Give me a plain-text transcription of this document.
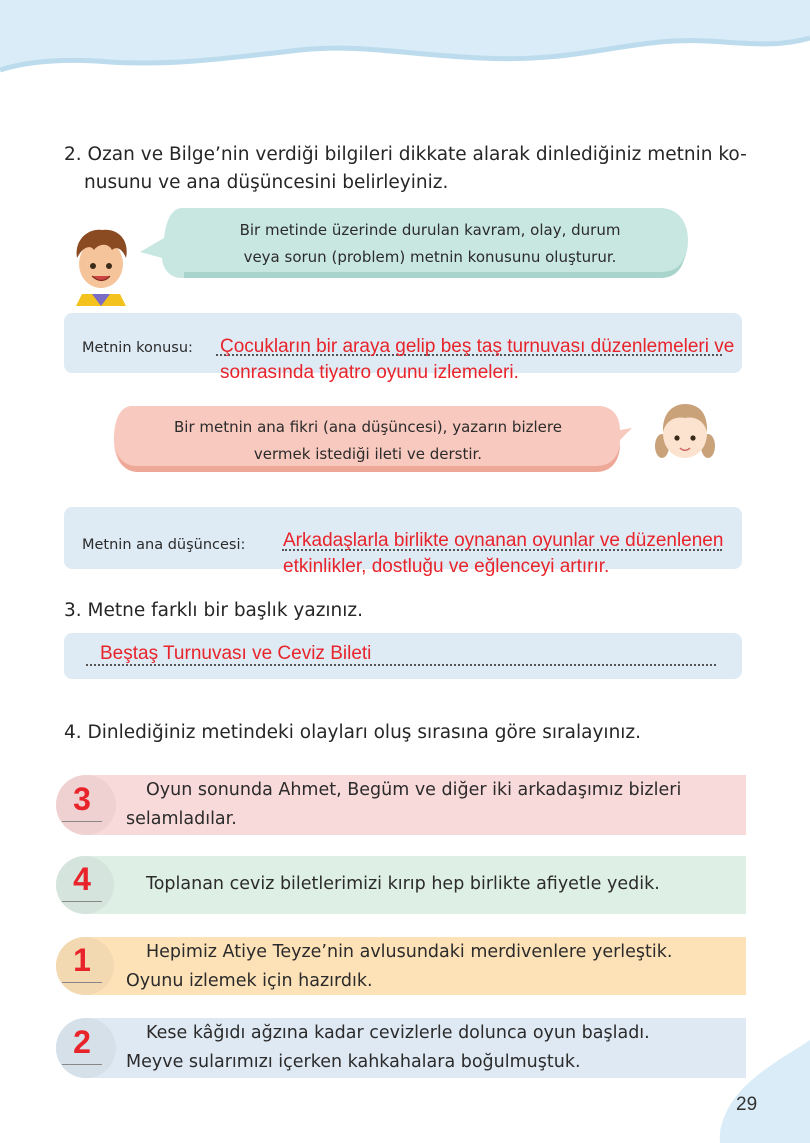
29
2. Ozan ve Bilge’nin verdiği bilgileri dikkate alarak dinlediğiniz metnin ko-
nusunu ve ana düşüncesini belirleyiniz.
Bir metinde üzerinde durulan kavram, olay, durum
veya sorun (problem) metnin konusunu oluşturur.
Metnin konusu: Çocukların bir araya gelip beş taş turnuvası düzenlemeleri ve
sonrasında tiyatro oyunu izlemeleri.
Bir metnin ana fikri (ana düşüncesi), yazarın bizlere
vermek istediği ileti ve derstir.
Metnin ana düşüncesi: Arkadaşlarla birlikte oynanan oyunlar ve düzenlenen
etkinlikler, dostluğu ve eğlenceyi artırır.
3. Metne farklı bir başlık yazınız.
Beştaş Turnuvası ve Ceviz Bileti
4. Dinlediğiniz metindeki olayları oluş sırasına göre sıralayınız.
3	Oyun sonunda Ahmet, Begüm ve diğer iki arkadaşımız bizleri
selamladılar.
4	Toplanan ceviz biletlerimizi kırıp hep birlikte afiyetle yedik.
1	Hepimiz Atiye Teyze’nin avlusundaki merdivenlere yerleştik.
Oyunu izlemek için hazırdık.
2	Kese kâğıdı ağzına kadar cevizlerle dolunca oyun başladı.
Meyve sularımızı içerken kahkahalara boğulmuştuk.
